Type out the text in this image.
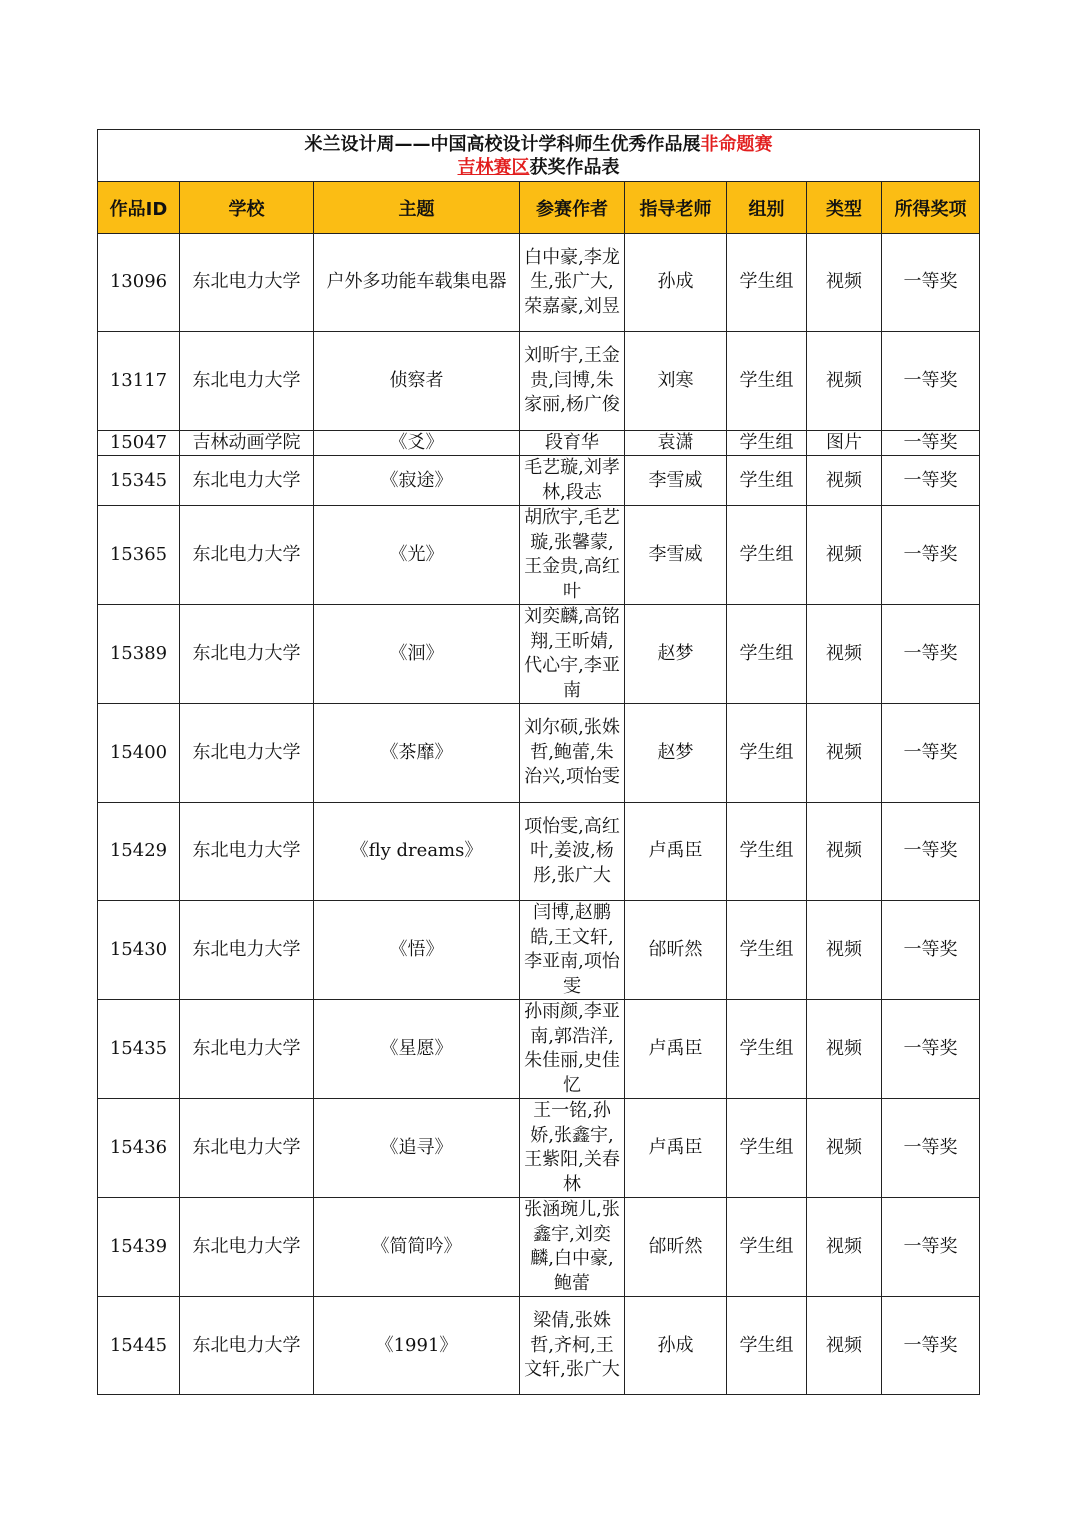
米兰设计周——中国高校设计学科师生优秀作品展非命题赛
吉林赛区获奖作品表							

作品ID	学校	主题	参赛作者	指导老师	组别	类型	所得奖项
13096	东北电力大学	户外多功能车载集电器	白中豪,李龙生,张广大,荣嘉豪,刘昱	孙成	学生组	视频	一等奖
13117	东北电力大学	侦察者	刘昕宇,王金贵,闫博,朱家丽,杨广俊	刘寒	学生组	视频	一等奖
15047	吉林动画学院	《爻》	段育华	袁潇	学生组	图片	一等奖
15345	东北电力大学	《寂途》	毛艺璇,刘孝林,段志	李雪威	学生组	视频	一等奖
15365	东北电力大学	《光》	胡欣宇,毛艺璇,张馨蒙,王金贵,高红叶	李雪威	学生组	视频	一等奖
15389	东北电力大学	《洄》	刘奕麟,高铭翔,王昕婧,代心宇,李亚南	赵梦	学生组	视频	一等奖
15400	东北电力大学	《茶靡》	刘尔硕,张姝哲,鲍蕾,朱治兴,项怡雯	赵梦	学生组	视频	一等奖
15429	东北电力大学	《fly dreams》	项怡雯,高红叶,姜波,杨彤,张广大	卢禹臣	学生组	视频	一等奖
15430	东北电力大学	《悟》	闫博,赵鹏皓,王文轩,李亚南,项怡雯	邰昕然	学生组	视频	一等奖
15435	东北电力大学	《星愿》	孙雨颜,李亚南,郭浩洋,朱佳丽,史佳忆	卢禹臣	学生组	视频	一等奖
15436	东北电力大学	《追寻》	王一铭,孙娇,张鑫宇,王紫阳,关春林	卢禹臣	学生组	视频	一等奖
15439	东北电力大学	《简简吟》	张涵琬儿,张鑫宇,刘奕麟,白中豪,鲍蕾	邰昕然	学生组	视频	一等奖
15445	东北电力大学	《1991》	梁倩,张姝哲,齐柯,王文轩,张广大	孙成	学生组	视频	一等奖
